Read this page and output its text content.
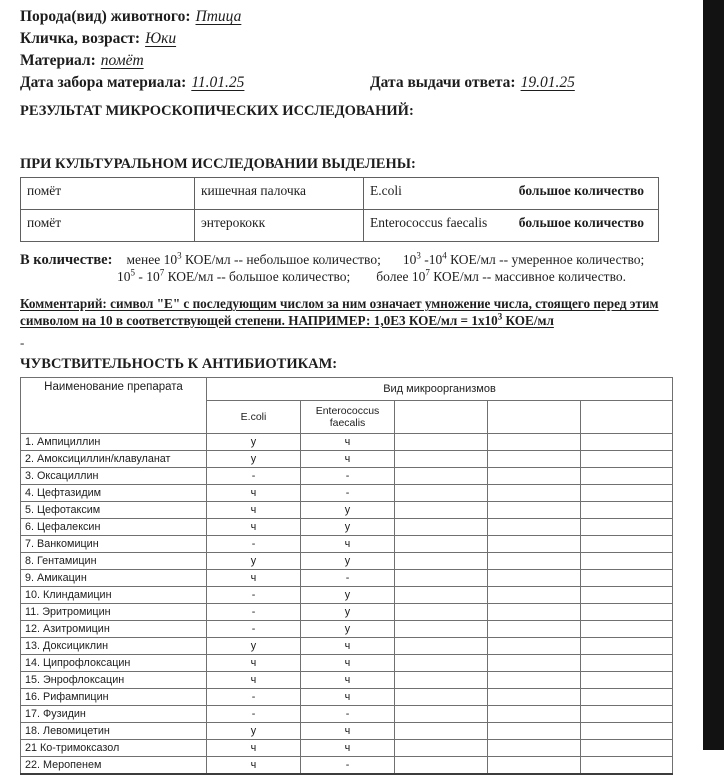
Порода(вид) животного: Птица
Кличка, возраст: Юки
Материал: помёт
Дата забора материала: 11.01.25	Дата выдачи ответа: 19.01.25
РЕЗУЛЬТАТ МИКРОСКОПИЧЕСКИХ ИССЛЕДОВАНИЙ:
ПРИ КУЛЬТУРАЛЬНОМ ИССЛЕДОВАНИИ ВЫДЕЛЕНЫ:
помёт	кишечная палочка	E.coli большое количество

помёт	энтерококк	Enterococcus faecalis большое количество
В количестве: менее $10^3$ КОЕ/мл -- небольшое количество; $10^3$ $-10^4$ КОЕ/мл -- умеренное количество;
$10^5 - 10^7$ КОЕ/мл -- большое количество; более $10^7$ КОЕ/мл -- массивное количество.
Комментарий: символ "Е" с последующим числом за ним означает умножение числа, стоящего перед этим символом на 10 в соответствующей степени. НАПРИМЕР: 1,0Е3 $КОЕ/мл = 1x10^3$ КОЕ/мл
-
ЧУВСТВИТЕЛЬНОСТЬ К АНТИБИОТИКАМ:
Наименование препарата	Вид микроорганизмов				
	E.coli	Enterococcus faecalis			
1. Ампициллин	у	ч			
2. Амоксициллин/клавуланат	у	ч			
3. Оксациллин	-	-			
4. Цефтазидим	ч	-			
5. Цефотаксим	ч	у			
6. Цефалексин	ч	у			
7. Ванкомицин	-	ч			
8. Гентамицин	у	у			
9. Амикацин	ч	-			
10. Клиндамицин	-	у			
11. Эритромицин	-	у			
12. Азитромицин	-	у			
13. Доксициклин	у	ч			
14. Ципрофлоксацин	ч	ч			
15. Энрофлоксацин	ч	ч			
16. Рифампицин	-	ч			
17. Фузидин	-	-			
18. Левомицетин	у	ч			
21 Ко-тримоксазол	ч	ч			
22. Меропенем	ч	-			
